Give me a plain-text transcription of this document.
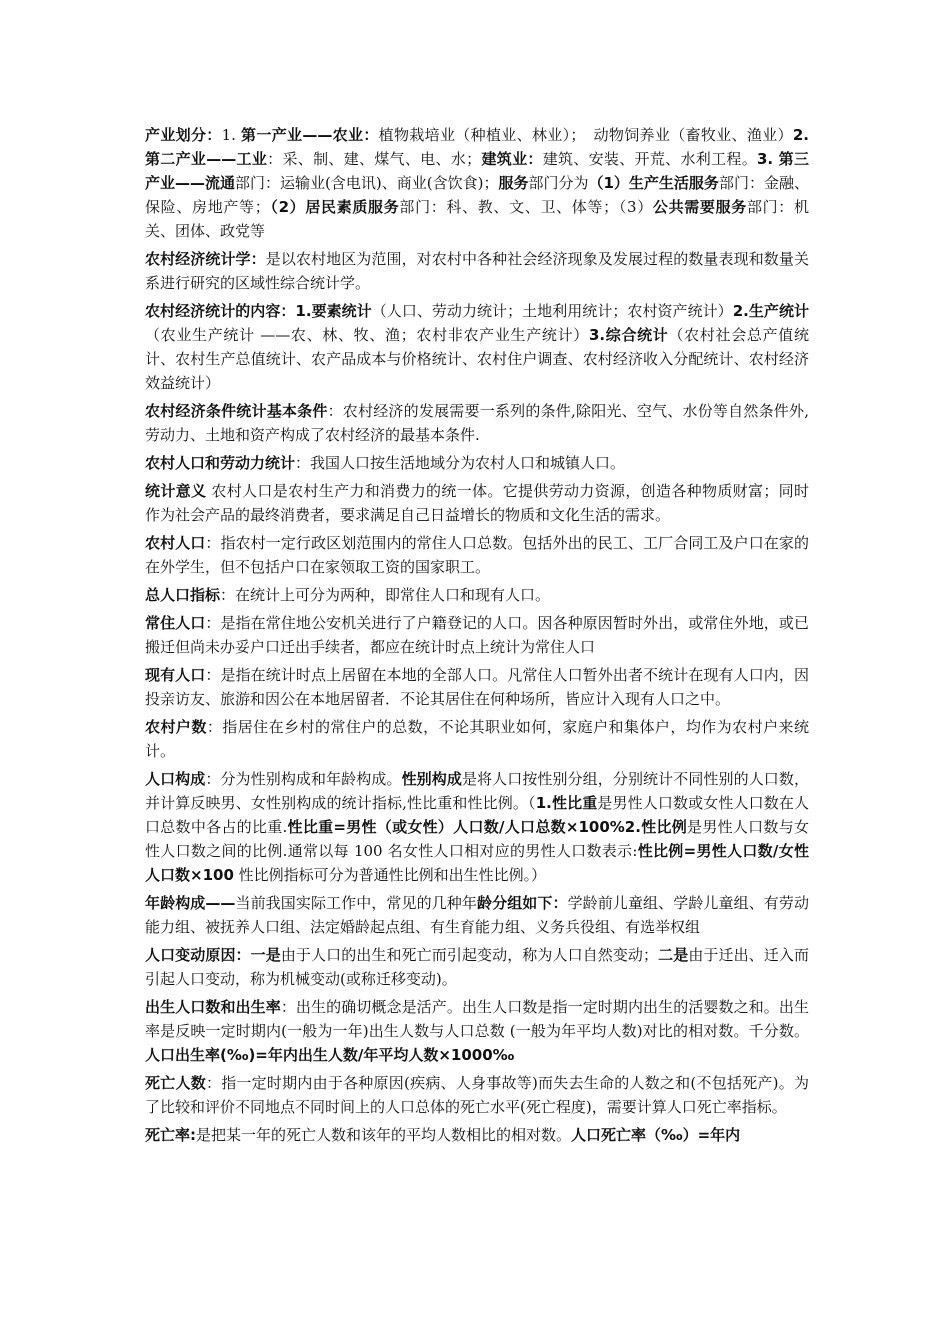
产业划分：1. 第一产业——农业：植物栽培业（种植业、林业）；　动物饲养业（畜牧业、渔业）2. 第二产业——工业：采、制、建、煤气、电、水；建筑业：建筑、安装、开荒、水利工程。3. 第三产业——流通部门：运输业(含电讯)、商业(含饮食)；服务部门分为（1）生产生活服务部门：金融、保险、房地产等；（2）居民素质服务部门：科、教、文、卫、体等；（3）公共需要服务部门：机关、团体、政党等

农村经济统计学：是以农村地区为范围，对农村中各种社会经济现象及发展过程的数量表现和数量关系进行研究的区域性综合统计学。

农村经济统计的内容：1.要素统计（人口、劳动力统计；土地利用统计；农村资产统计）2.生产统计（农业生产统计 ——农、林、牧、渔；农村非农产业生产统计）3.综合统计（农村社会总产值统计、农村生产总值统计、农产品成本与价格统计、农村住户调查、农村经济收入分配统计、农村经济效益统计）

农村经济条件统计基本条件：农村经济的发展需要一系列的条件,除阳光、空气、水份等自然条件外,劳动力、土地和资产构成了农村经济的最基本条件.

农村人口和劳动力统计：我国人口按生活地域分为农村人口和城镇人口。

统计意义 农村人口是农村生产力和消费力的统一体。它提供劳动力资源，创造各种物质财富；同时作为社会产品的最终消费者，要求满足自己日益增长的物质和文化生活的需求。

农村人口：指农村一定行政区划范围内的常住人口总数。包括外出的民工、工厂合同工及户口在家的在外学生，但不包括户口在家领取工资的国家职工。

总人口指标：在统计上可分为两种，即常住人口和现有人口。

常住人口：是指在常住地公安机关进行了户籍登记的人口。因各种原因暂时外出，或常住外地，或已搬迁但尚未办妥户口迁出手续者，都应在统计时点上统计为常住人口

现有人口：是指在统计时点上居留在本地的全部人口。凡常住人口暂外出者不统计在现有人口内，因投亲访友、旅游和因公在本地居留者．不论其居住在何种场所，皆应计入现有人口之中。

农村户数：指居住在乡村的常住户的总数，不论其职业如何，家庭户和集体户，均作为农村户来统计。

人口构成：分为性别构成和年龄构成。性别构成是将人口按性别分组，分别统计不同性别的人口数，并计算反映男、女性别构成的统计指标,性比重和性比例。（1.性比重是男性人口数或女性人口数在人口总数中各占的比重.性比重=男性（或女性）人口数/人口总数×100%2.性比例是男性人口数与女性人口数之间的比例.通常以每 100 名女性人口相对应的男性人口数表示:性比例=男性人口数/女性人口数×100 性比例指标可分为普通性比例和出生性比例。）

年龄构成——当前我国实际工作中，常见的几种年龄分组如下：学龄前儿童组、学龄儿童组、有劳动能力组、被抚养人口组、法定婚龄起点组、有生育能力组、义务兵役组、有选举权组

人口变动原因：一是由于人口的出生和死亡而引起变动，称为人口自然变动；二是由于迁出、迁入而引起人口变动，称为机械变动(或称迁移变动)。

出生人口数和出生率：出生的确切概念是活产。出生人口数是指一定时期内出生的活婴数之和。出生率是反映一定时期内(一般为一年)出生人数与人口总数 (一般为年平均人数)对比的相对数。千分数。人口出生率(‰)=年内出生人数/年平均人数×1000‰

死亡人数：指一定时期内由于各种原因(疾病、人身事故等)而失去生命的人数之和(不包括死产)。为了比较和评价不同地点不同时间上的人口总体的死亡水平(死亡程度)，需要计算人口死亡率指标。

死亡率:是把某一年的死亡人数和该年的平均人数相比的相对数。人口死亡率（‰）=年内
